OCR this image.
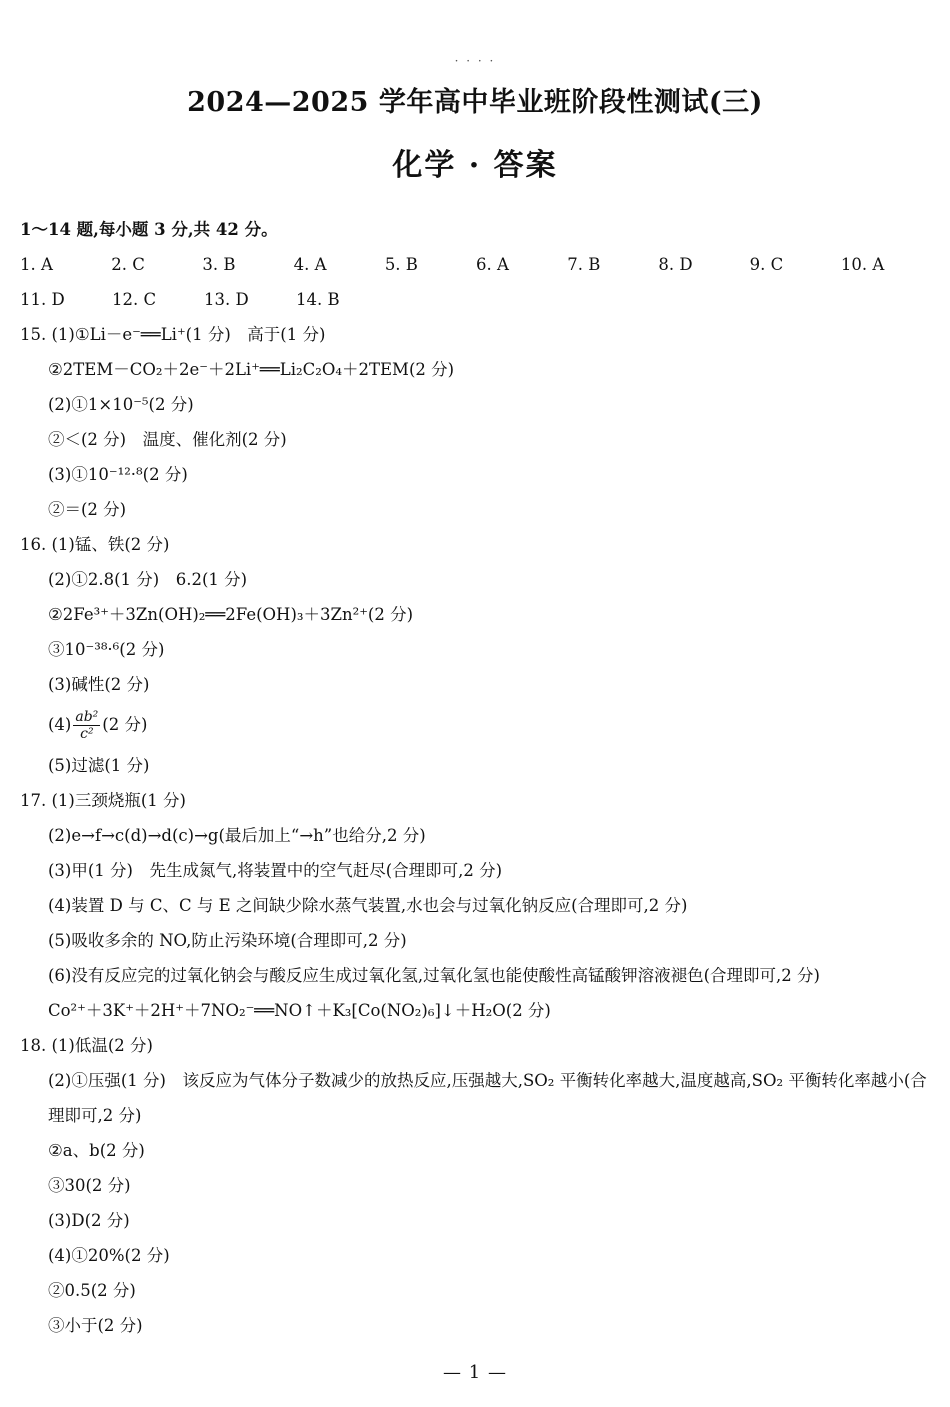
· · · ·
2024—2025 学年高中毕业班阶段性测试(三)
化学 · 答案
1～14 题,每小题 3 分,共 42 分。
1. A	2. C	3. B	4. A	5. B	6. A	7. B	8. D	9. C	10. A
11. D	12. C	13. D	14. B
15. (1)①Li－e⁻══Li⁺(1 分)　高于(1 分)
②2TEM－CO₂＋2e⁻＋2Li⁺══Li₂C₂O₄＋2TEM(2 分)
(2)①1×10⁻⁵(2 分)
②＜(2 分)　温度、催化剂(2 分)
(3)①10⁻¹²·⁸(2 分)
②＝(2 分)
16. (1)锰、铁(2 分)
(2)①2.8(1 分)　6.2(1 分)
②2Fe³⁺＋3Zn(OH)₂══2Fe(OH)₃＋3Zn²⁺(2 分)
③10⁻³⁸·⁶(2 分)
(3)碱性(2 分)
$(4) \frac{\text{ab²}}{\text{c²}} (2$ 分)
(5)过滤(1 分)
17. (1)三颈烧瓶(1 分)
(2)e→f→c(d)→d(c)→g(最后加上“→h”也给分,2 分)
(3)甲(1 分)　先生成氮气,将装置中的空气赶尽(合理即可,2 分)
(4)装置 D 与 C、C 与 E 之间缺少除水蒸气装置,水也会与过氧化钠反应(合理即可,2 分)
(5)吸收多余的 NO,防止污染环境(合理即可,2 分)
(6)没有反应完的过氧化钠会与酸反应生成过氧化氢,过氧化氢也能使酸性高锰酸钾溶液褪色(合理即可,2 分)
Co²⁺＋3K⁺＋2H⁺＋7NO₂⁻══NO↑＋K₃[Co(NO₂)₆]↓＋H₂O(2 分)
18. (1)低温(2 分)
(2)①压强(1 分)　该反应为气体分子数减少的放热反应,压强越大,SO₂ 平衡转化率越大,温度越高,SO₂ 平衡转化率越小(合理即可,2 分)
②a、b(2 分)
③30(2 分)
(3)D(2 分)
(4)①20%(2 分)
②0.5(2 分)
③小于(2 分)
— 1 —
